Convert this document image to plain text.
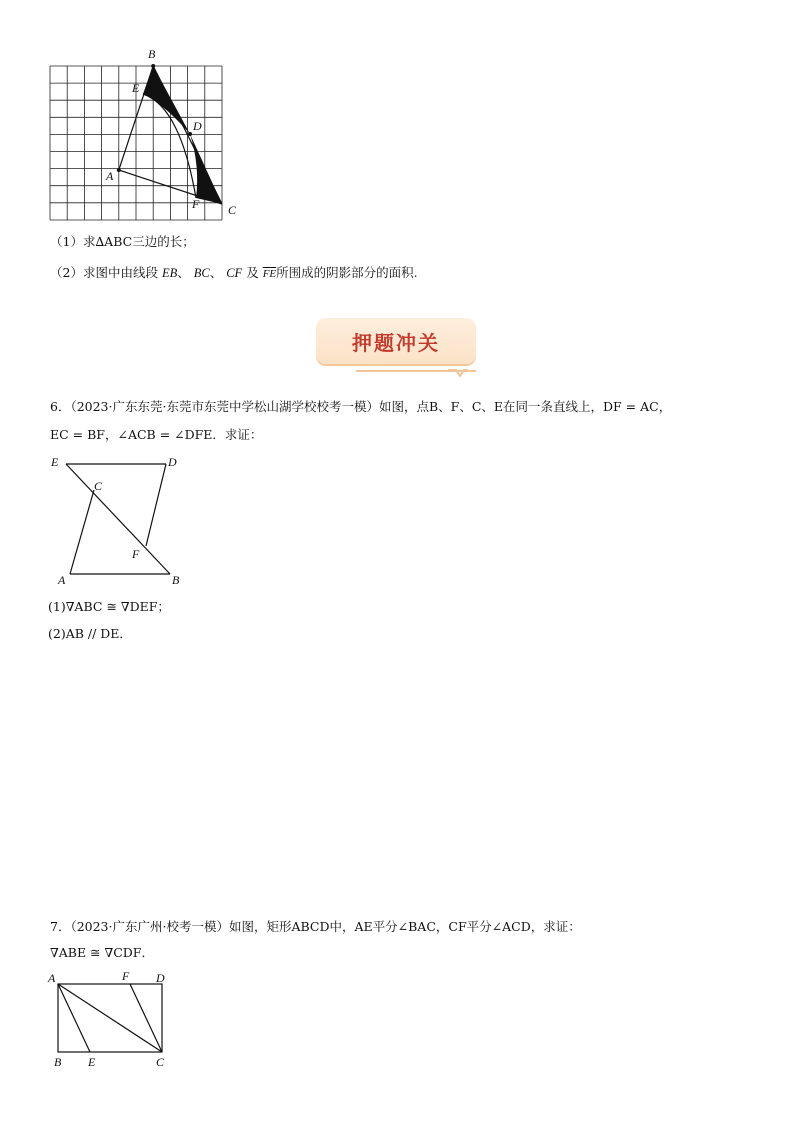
B
E
D
A
F C
（1）求∆ABC三边的长；
（2）求图中由线段 EB、 BC、 CF 及 $\overline{FE}$所围成的阴影部分的面积.
押题冲关
6．（2023·广东东莞·东莞市东莞中学松山湖学校校考一模）如图，点B、F、C、E在同一条直线上，DF = AC，
EC = BF，∠ACB = ∠DFE．求证：
E	D
C
F
A	B
(1)∇ABC ≅ ∇DEF；
(2)AB // DE．
7．（2023·广东广州·校考一模）如图，矩形ABCD中，AE平分∠BAC，CF平分∠ACD，求证：
∇ABE ≅ ∇CDF．
A	F D
B E	C
